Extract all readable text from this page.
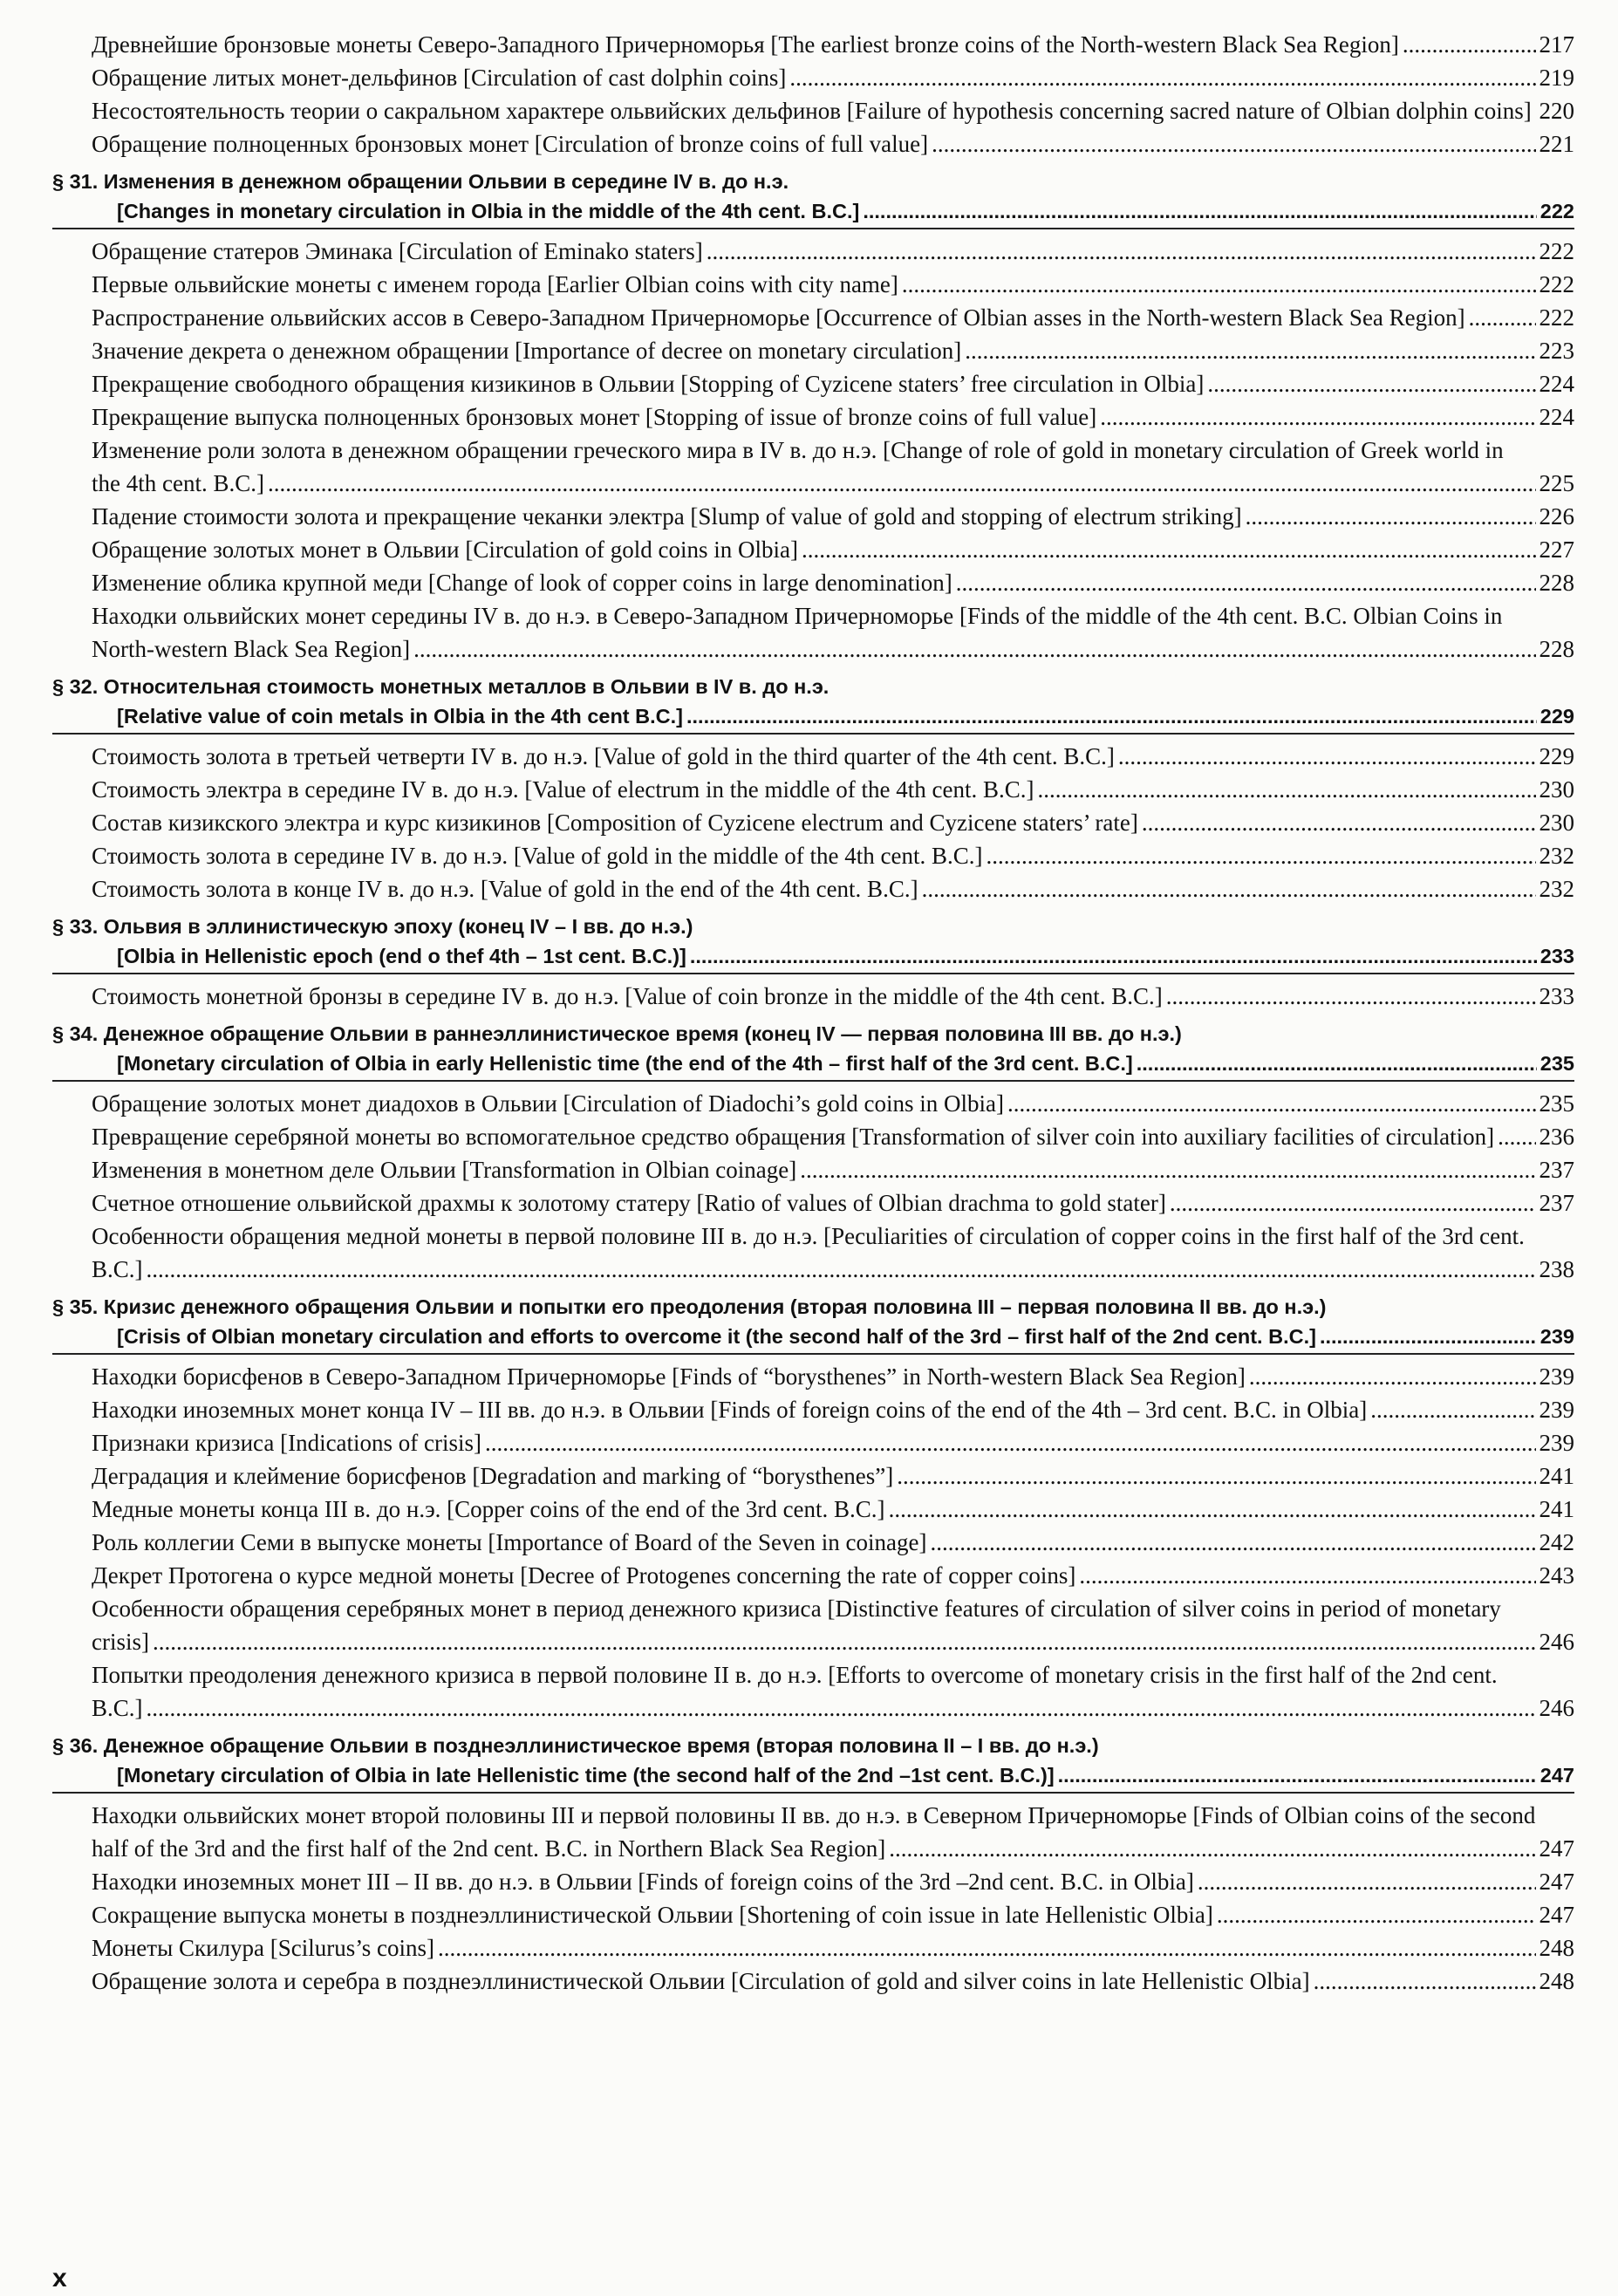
Древнейшие бронзовые монеты Северо-Западного Причерноморья [The earliest bronze coins of the North-western Black Sea Region] .....	217
Обращение литых монет-дельфинов [Circulation of cast dolphin coins] .....	219
Несостоятельность теории о сакральном характере ольвийских дельфинов [Failure of hypothesis concerning sacred nature of Olbian dolphin coins] ..... 220
Обращение полноценных бронзовых монет [Circulation of bronze coins of full value] .....	221
§ 31. Изменения в денежном обращении Ольвии в середине IV в. до н.э.
[Changes in monetary circulation in Olbia in the middle of the 4th cent. B.C.] .....	222
Обращение статеров Эминака [Circulation of Eminako staters] .....	222
Первые ольвийские монеты с именем города [Earlier Olbian coins with city name] .....	222
Распространение ольвийских ассов в Северо-Западном Причерноморье [Occurrence of Olbian asses in the North-western Black Sea Region] .....	222
Значение декрета о денежном обращении [Importance of decree on monetary circulation] .....	223
Прекращение свободного обращения кизикинов в Ольвии [Stopping of Cyzicene staters’ free circulation in Olbia] .....	224
Прекращение выпуска полноценных бронзовых монет [Stopping of issue of bronze coins of full value] .....	224
Изменение роли золота в денежном обращении греческого мира в IV в. до н.э. [Change of role of gold in monetary circulation of Greek world in the 4th cent. B.C.] .....	225
Падение стоимости золота и прекращение чеканки электра [Slump of value of gold and stopping of electrum striking] .....	226
Обращение золотых монет в Ольвии [Circulation of gold coins in Olbia] .....	227
Изменение облика крупной меди [Change of look of copper coins in large denomination] .....	228
Находки ольвийских монет середины IV в. до н.э. в Северо-Западном Причерноморье [Finds of the middle of the 4th cent. B.C. Olbian Coins in North-western Black Sea Region] .....	228
§ 32. Относительная стоимость монетных металлов в Ольвии в IV в. до н.э.
[Relative value of coin metals in Olbia in the 4th cent B.C.] .....	229
Стоимость золота в третьей четверти IV в. до н.э. [Value of gold in the third quarter of the 4th cent. B.C.] .....	229
Стоимость электра в середине IV в. до н.э. [Value of electrum in the middle of the 4th cent. B.C.] .....	230
Состав кизикского электра и курс кизикинов [Composition of Cyzicene electrum and Cyzicene staters’ rate] .....	230
Стоимость золота в середине IV в. до н.э. [Value of gold in the middle of the 4th cent. B.C.] .....	232
Стоимость золота в конце IV в. до н.э. [Value of gold in the end of the 4th cent. B.C.] .....	232
§ 33. Ольвия в эллинистическую эпоху (конец IV – I вв. до н.э.)
[Olbia in Hellenistic epoch (end o thef 4th – 1st cent. B.C.)] .....	233
Стоимость монетной бронзы в середине IV в. до н.э. [Value of coin bronze in the middle of the 4th cent. B.C.] .....	233
§ 34. Денежное обращение Ольвии в раннеэллинистическое время (конец IV — первая половина III вв. до н.э.)
[Monetary circulation of Olbia in early Hellenistic time (the end of the 4th – first half of the 3rd cent. B.C.] .....	235
Обращение золотых монет диадохов в Ольвии [Circulation of Diadochi’s gold coins in Olbia] .....	235
Превращение серебряной монеты во вспомогательное средство обращения [Transformation of silver coin into auxiliary facilities of circulation] .....	236
Изменения в монетном деле Ольвии [Transformation in Olbian coinage] .....	237
Счетное отношение ольвийской драхмы к золотому статеру [Ratio of values of Olbian drachma to gold stater] .....	237
Особенности обращения медной монеты в первой половине III в. до н.э. [Peculiarities of circulation of copper coins in the first half of the 3rd cent. B.C.] .....	238
§ 35. Кризис денежного обращения Ольвии и попытки его преодоления (вторая половина III – первая половина II вв. до н.э.)
[Crisis of Olbian monetary circulation and efforts to overcome it (the second half of the 3rd – first half of the 2nd cent. B.C.] .....	239
Находки борисфенов в Северо-Западном Причерноморье [Finds of “borysthenes” in North-western Black Sea Region] .....	239
Находки иноземных монет конца IV – III вв. до н.э. в Ольвии [Finds of foreign coins of the end of the 4th – 3rd cent. B.C. in Olbia] .....	239
Признаки кризиса [Indications of crisis] .....	239
Деградация и клеймение борисфенов [Degradation and marking of “borysthenes”] .....	241
Медные монеты конца III в. до н.э. [Copper coins of the end of the 3rd cent. B.C.] .....	241
Роль коллегии Семи в выпуске монеты [Importance of Board of the Seven in coinage] .....	242
Декрет Протогена о курсе медной монеты [Decree of Protogenes concerning the rate of copper coins] .....	243
Особенности обращения серебряных монет в период денежного кризиса [Distinctive features of circulation of silver coins in period of monetary crisis] .....	246
Попытки преодоления денежного кризиса в первой половине II в. до н.э. [Efforts to overcome of monetary crisis in the first half of the 2nd cent. B.C.] .....	246
§ 36. Денежное обращение Ольвии в позднеэллинистическое время (вторая половина II – I вв. до н.э.)
[Monetary circulation of Olbia in late Hellenistic time (the second half of the 2nd –1st cent. B.C.)] .....	247
Находки ольвийских монет второй половины III и первой половины II вв. до н.э. в Северном Причерноморье [Finds of Olbian coins of the second half of the 3rd and the first half of the 2nd cent. B.C. in Northern Black Sea Region] .....	247
Находки иноземных монет III – II вв. до н.э. в Ольвии [Finds of foreign coins of the 3rd –2nd cent. B.C. in Olbia] .....	247
Сокращение выпуска монеты в позднеэллинистической Ольвии [Shortening of coin issue in late Hellenistic Olbia] .....	247
Монеты Скилура [Scilurus’s coins] .....	248
Обращение золота и серебра в позднеэллинистической Ольвии [Circulation of gold and silver coins in late Hellenistic Olbia] .....	248
x
